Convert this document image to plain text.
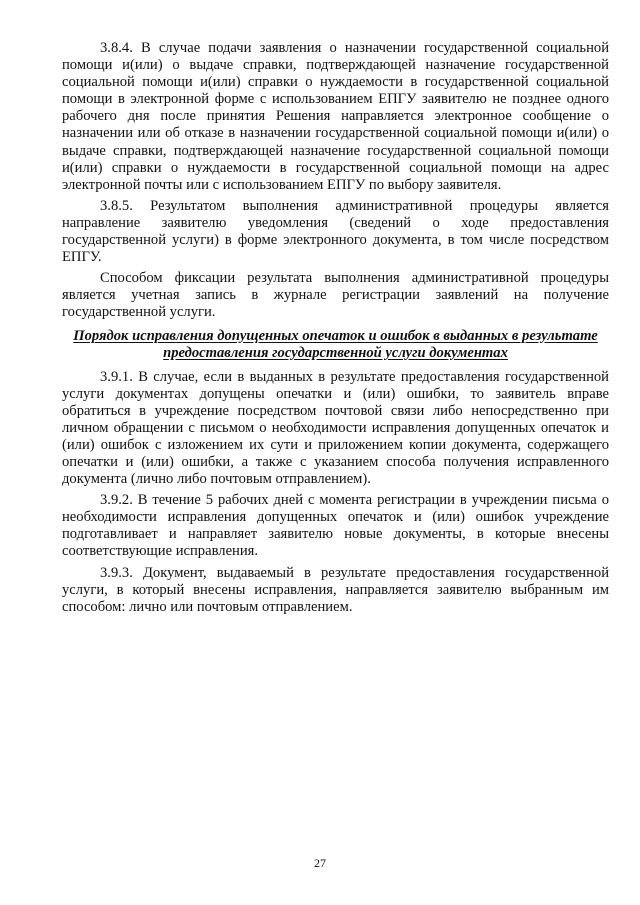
3.8.4. В случае подачи заявления о назначении государственной социальной помощи и(или) о выдаче справки, подтверждающей назначение государственной социальной помощи и(или) справки о нуждаемости в государственной социальной помощи в электронной форме с использованием ЕПГУ заявителю не позднее одного рабочего дня после принятия Решения направляется электронное сообщение о назначении или об отказе в назначении государственной социальной помощи и(или) о выдаче справки, подтверждающей назначение государственной социальной помощи и(или) справки о нуждаемости в государственной социальной помощи на адрес электронной почты или с использованием ЕПГУ по выбору заявителя.

3.8.5. Результатом выполнения административной процедуры является направление заявителю уведомления (сведений о ходе предоставления государственной услуги) в форме электронного документа, в том числе посредством ЕПГУ.

Способом фиксации результата выполнения административной процедуры является учетная запись в журнале регистрации заявлений на получение государственной услуги.

Порядок исправления допущенных опечаток и ошибок в выданных в результате предоставления государственной услуги документах

3.9.1. В случае, если в выданных в результате предоставления государственной услуги документах допущены опечатки и (или) ошибки, то заявитель вправе обратиться в учреждение посредством почтовой связи либо непосредственно при личном обращении с письмом о необходимости исправления допущенных опечаток и (или) ошибок с изложением их сути и приложением копии документа, содержащего опечатки и (или) ошибки, а также с указанием способа получения исправленного документа (лично либо почтовым отправлением).

3.9.2. В течение 5 рабочих дней с момента регистрации в учреждении письма о необходимости исправления допущенных опечаток и (или) ошибок учреждение подготавливает и направляет заявителю новые документы, в которые внесены соответствующие исправления.

3.9.3. Документ, выдаваемый в результате предоставления государственной услуги, в который внесены исправления, направляется заявителю выбранным им способом: лично или почтовым отправлением.

27
